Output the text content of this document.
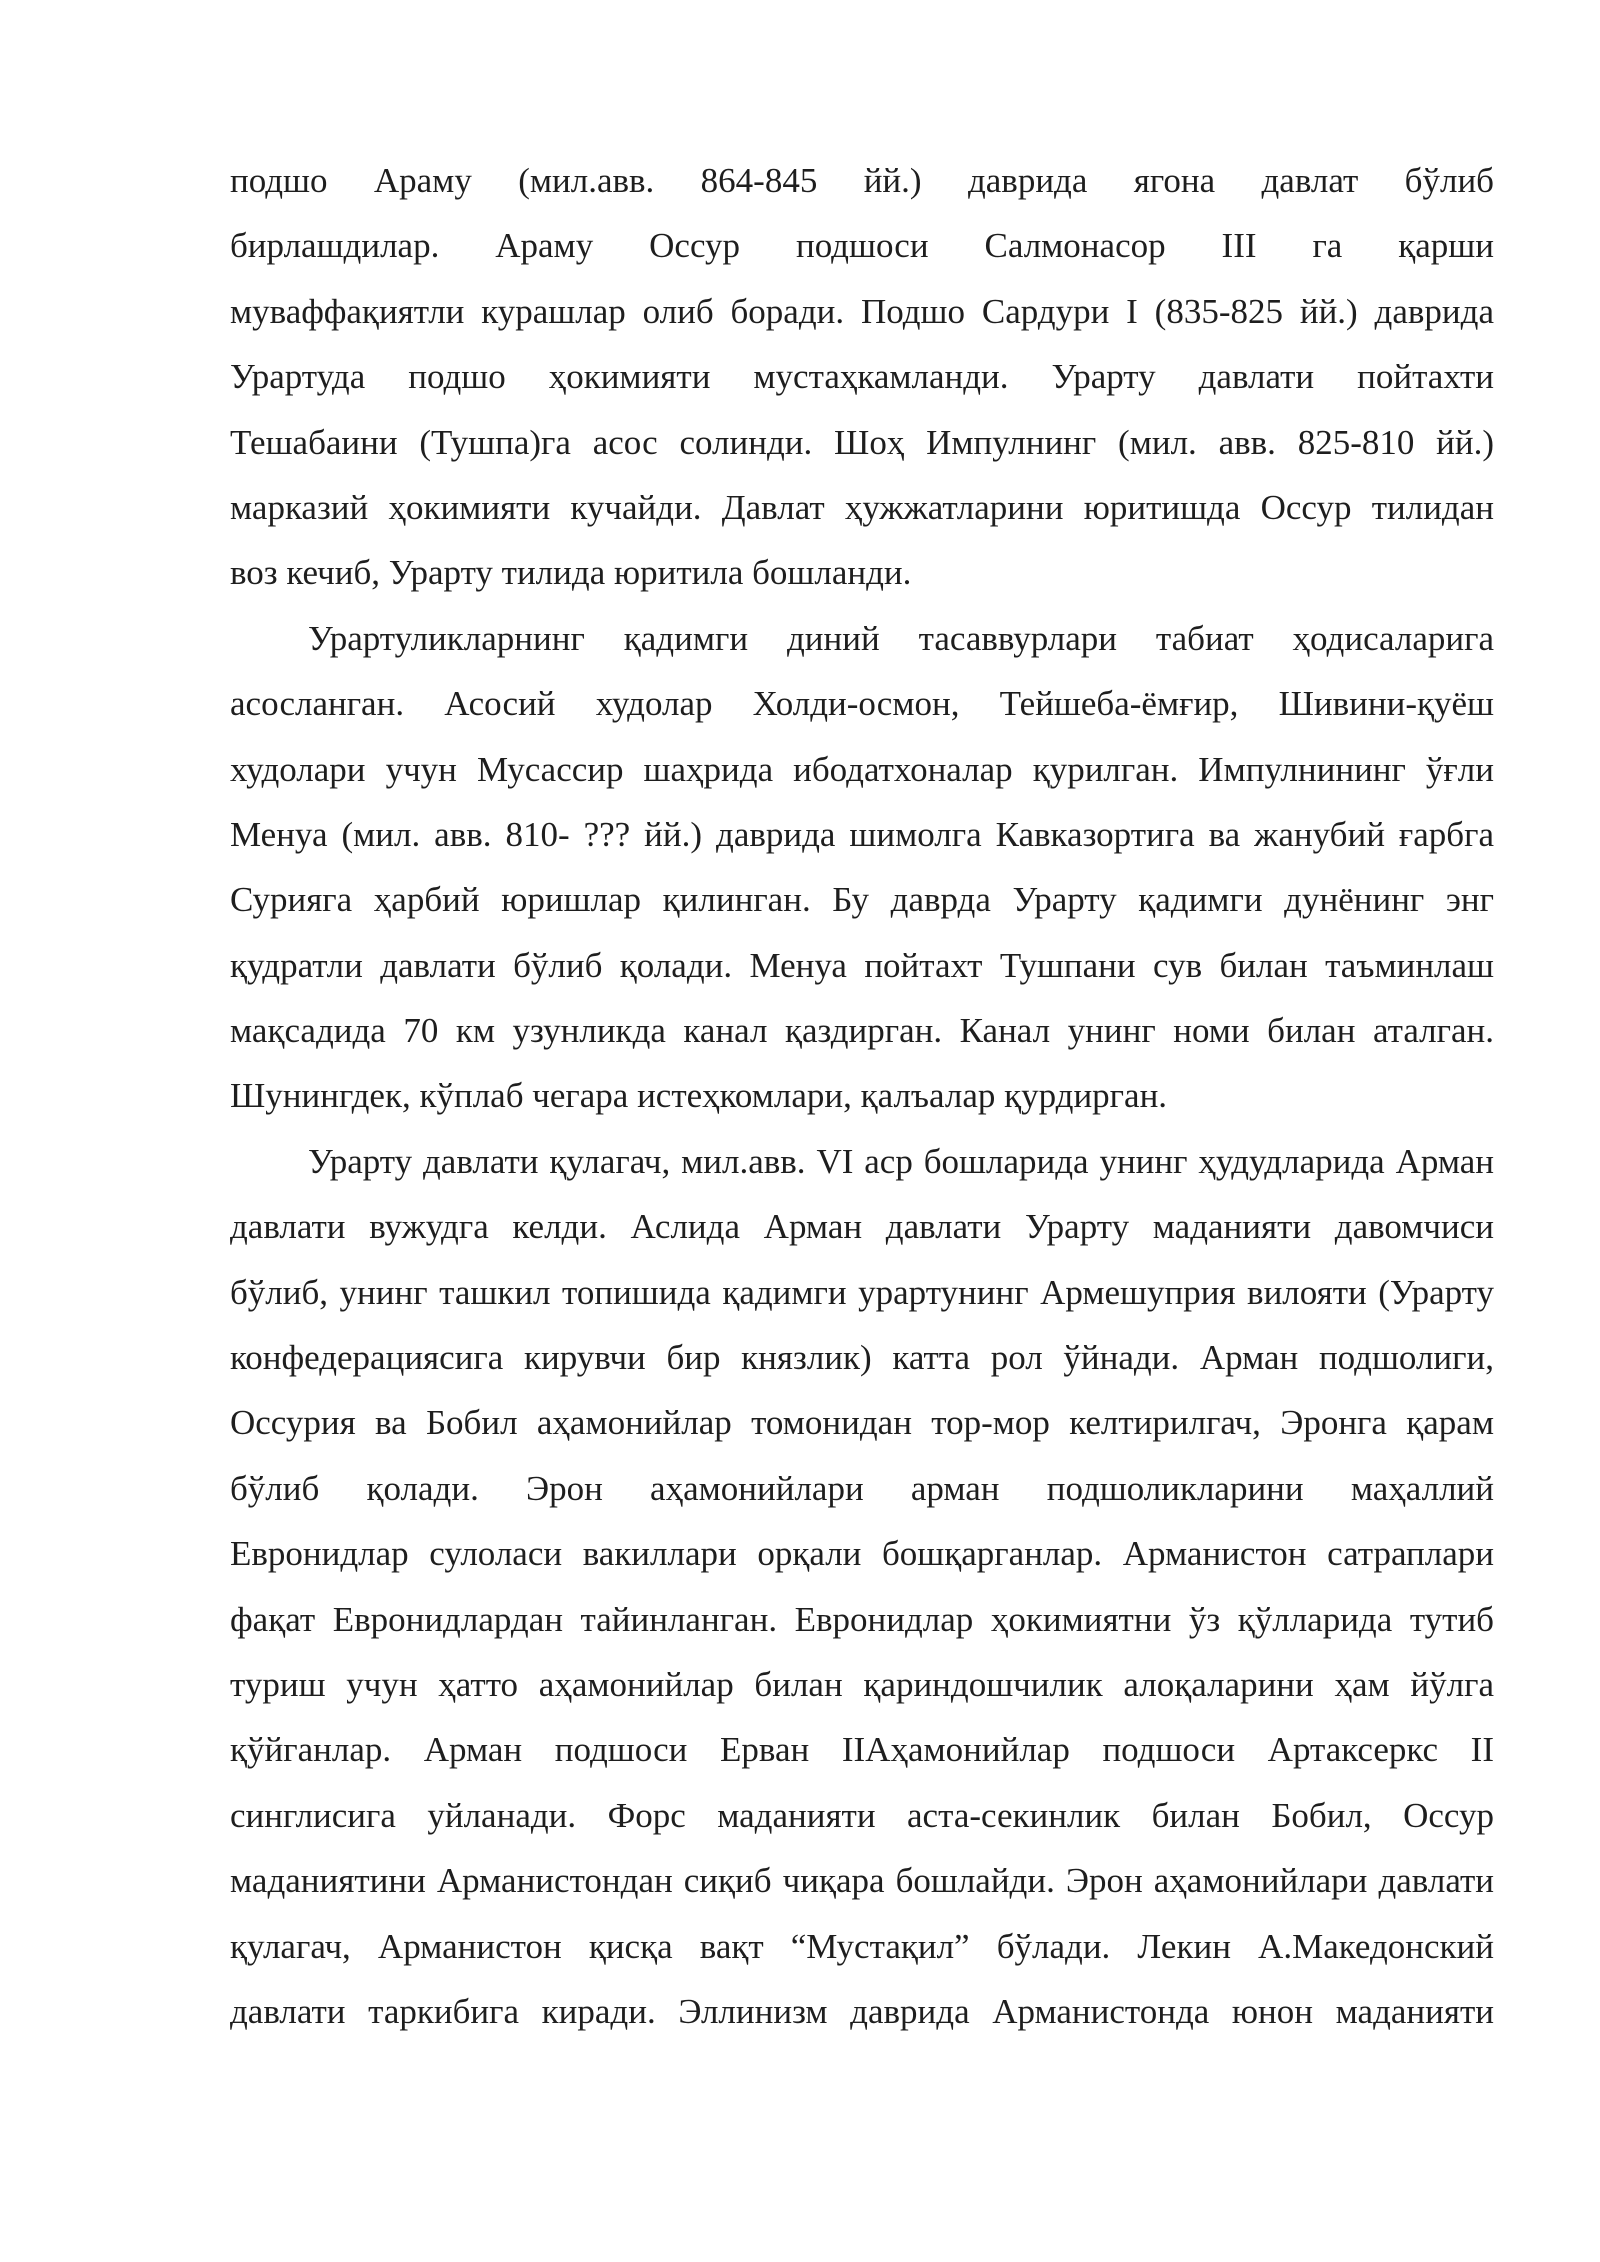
подшо Араму (мил.авв. 864-845 йй.) даврида ягона давлат бўлиб
бирлашдилар. Араму Оссур подшоси Салмонасор III га қарши
муваффақиятли курашлар олиб боради. Подшо Сардури I (835-825 йй.) даврида
Урартуда подшо ҳокимияти мустаҳкамланди. Урарту давлати пойтахти
Тешабаини (Тушпа)га асос солинди. Шоҳ Импулнинг (мил. авв. 825-810 йй.)
марказий ҳокимияти кучайди. Давлат ҳужжатларини юритишда Оссур тилидан
воз кечиб, Урарту тилида юритила бошланди.
Урартуликларнинг қадимги диний тасаввурлари табиат ҳодисаларига
асосланган. Асосий худолар Холди-осмон, Тейшеба-ёмғир, Шивини-қуёш
худолари учун Мусассир шаҳрида ибодатхоналар қурилган. Импулнининг ўғли
Менуа (мил. авв. 810- ??? йй.) даврида шимолга Кавказортига ва жанубий ғарбга
Сурияга ҳарбий юришлар қилинган. Бу даврда Урарту қадимги дунёнинг энг
қудратли давлати бўлиб қолади. Менуа пойтахт Тушпани сув билан таъминлаш
мақсадида 70 км узунликда канал қаздирган. Канал унинг номи билан аталган.
Шунингдек, кўплаб чегара истеҳкомлари, қалъалар қурдирган.
Урарту давлати қулагач, мил.авв. VI аср бошларида унинг ҳудудларида Арман
давлати вужудга келди. Аслида Арман давлати Урарту маданияти давомчиси
бўлиб, унинг ташкил топишида қадимги урартунинг Армешуприя вилояти (Урарту
конфедерациясига кирувчи бир князлик) катта рол ўйнади. Арман подшолиги,
Оссурия ва Бобил аҳамонийлар томонидан тор-мор келтирилгач, Эронга қарам
бўлиб қолади. Эрон аҳамонийлари арман подшоликларини маҳаллий
Евронидлар сулоласи вакиллари орқали бошқарганлар. Арманистон сатраплари
фақат Евронидлардан тайинланган. Евронидлар ҳокимиятни ўз қўлларида тутиб
туриш учун ҳатто аҳамонийлар билан қариндошчилик алоқаларини ҳам йўлга
қўйганлар. Арман подшоси Ерван IIАҳамонийлар подшоси Артаксеркс II
синглисига уйланади. Форс маданияти аста-секинлик билан Бобил, Оссур
маданиятини Арманистондан сиқиб чиқара бошлайди. Эрон аҳамонийлари давлати
қулагач, Арманистон қисқа вақт “Мустақил” бўлади. Лекин А.Македонский
давлати таркибига киради. Эллинизм даврида Арманистонда юнон маданияти
